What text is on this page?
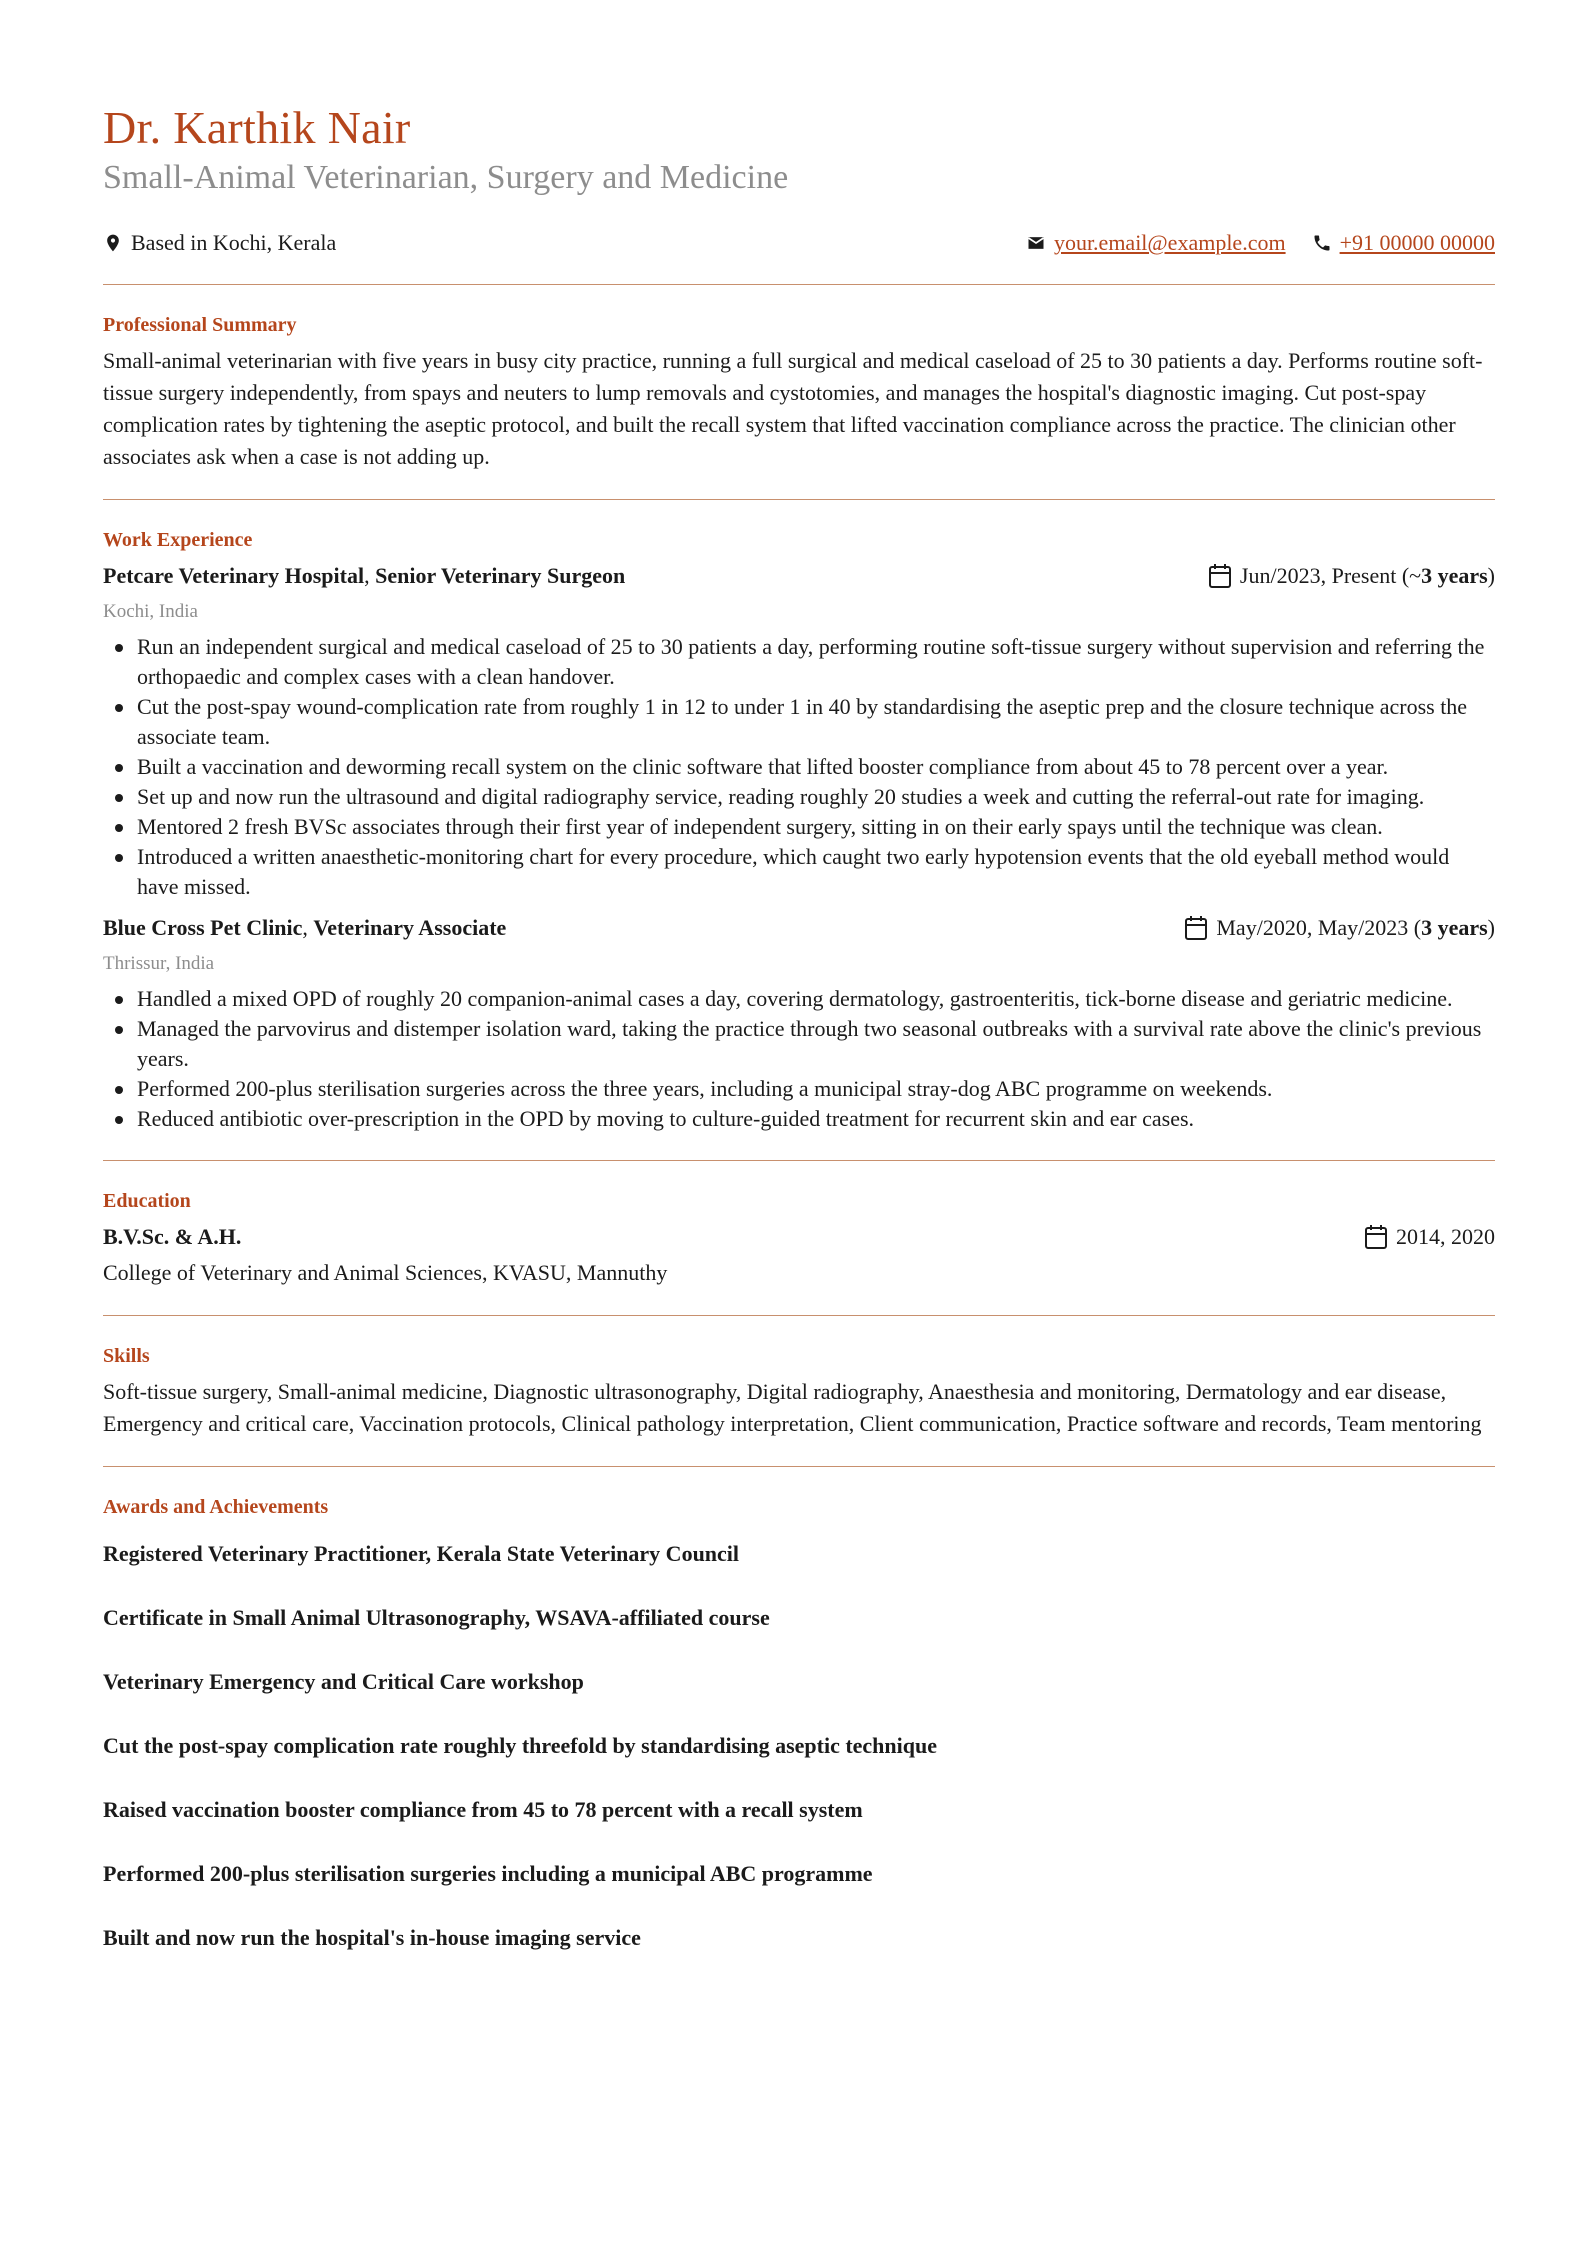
Dr. Karthik Nair
Small-Animal Veterinarian, Surgery and Medicine
Based in Kochi, Kerala	your.email@example.com +91 00000 00000
Professional Summary
Small-animal veterinarian with five years in busy city practice, running a full surgical and medical caseload of 25 to 30 patients a day. Performs routine soft-tissue surgery independently, from spays and neuters to lump removals and cystotomies, and manages the hospital's diagnostic imaging. Cut post-spay complication rates by tightening the aseptic protocol, and built the recall system that lifted vaccination compliance across the practice. The clinician other associates ask when a case is not adding up.
Work Experience
Petcare Veterinary Hospital, Senior Veterinary Surgeon	Jun/2023, Present (~ 3 years )
Kochi, India
Run an independent surgical and medical caseload of 25 to 30 patients a day, performing routine soft-tissue surgery without supervision and referring the orthopaedic and complex cases with a clean handover.
Cut the post-spay wound-complication rate from roughly 1 in 12 to under 1 in 40 by standardising the aseptic prep and the closure technique across the associate team.
Built a vaccination and deworming recall system on the clinic software that lifted booster compliance from about 45 to 78 percent over a year.
Set up and now run the ultrasound and digital radiography service, reading roughly 20 studies a week and cutting the referral-out rate for imaging.
Mentored 2 fresh BVSc associates through their first year of independent surgery, sitting in on their early spays until the technique was clean.
Introduced a written anaesthetic-monitoring chart for every procedure, which caught two early hypotension events that the old eyeball method would have missed.
Blue Cross Pet Clinic, Veterinary Associate	May/2020, May/2023 ( 3 years )
Thrissur, India
Handled a mixed OPD of roughly 20 companion-animal cases a day, covering dermatology, gastroenteritis, tick-borne disease and geriatric medicine.
Managed the parvovirus and distemper isolation ward, taking the practice through two seasonal outbreaks with a survival rate above the clinic's previous years.
Performed 200-plus sterilisation surgeries across the three years, including a municipal stray-dog ABC programme on weekends.
Reduced antibiotic over-prescription in the OPD by moving to culture-guided treatment for recurrent skin and ear cases.
Education
B.V.Sc. & A.H.	2014, 2020
College of Veterinary and Animal Sciences, KVASU, Mannuthy
Skills
Soft-tissue surgery, Small-animal medicine, Diagnostic ultrasonography, Digital radiography, Anaesthesia and monitoring, Dermatology and ear disease, Emergency and critical care, Vaccination protocols, Clinical pathology interpretation, Client communication, Practice software and records, Team mentoring
Awards and Achievements
Registered Veterinary Practitioner, Kerala State Veterinary Council
Certificate in Small Animal Ultrasonography, WSAVA-affiliated course
Veterinary Emergency and Critical Care workshop
Cut the post-spay complication rate roughly threefold by standardising aseptic technique
Raised vaccination booster compliance from 45 to 78 percent with a recall system
Performed 200-plus sterilisation surgeries including a municipal ABC programme
Built and now run the hospital's in-house imaging service
